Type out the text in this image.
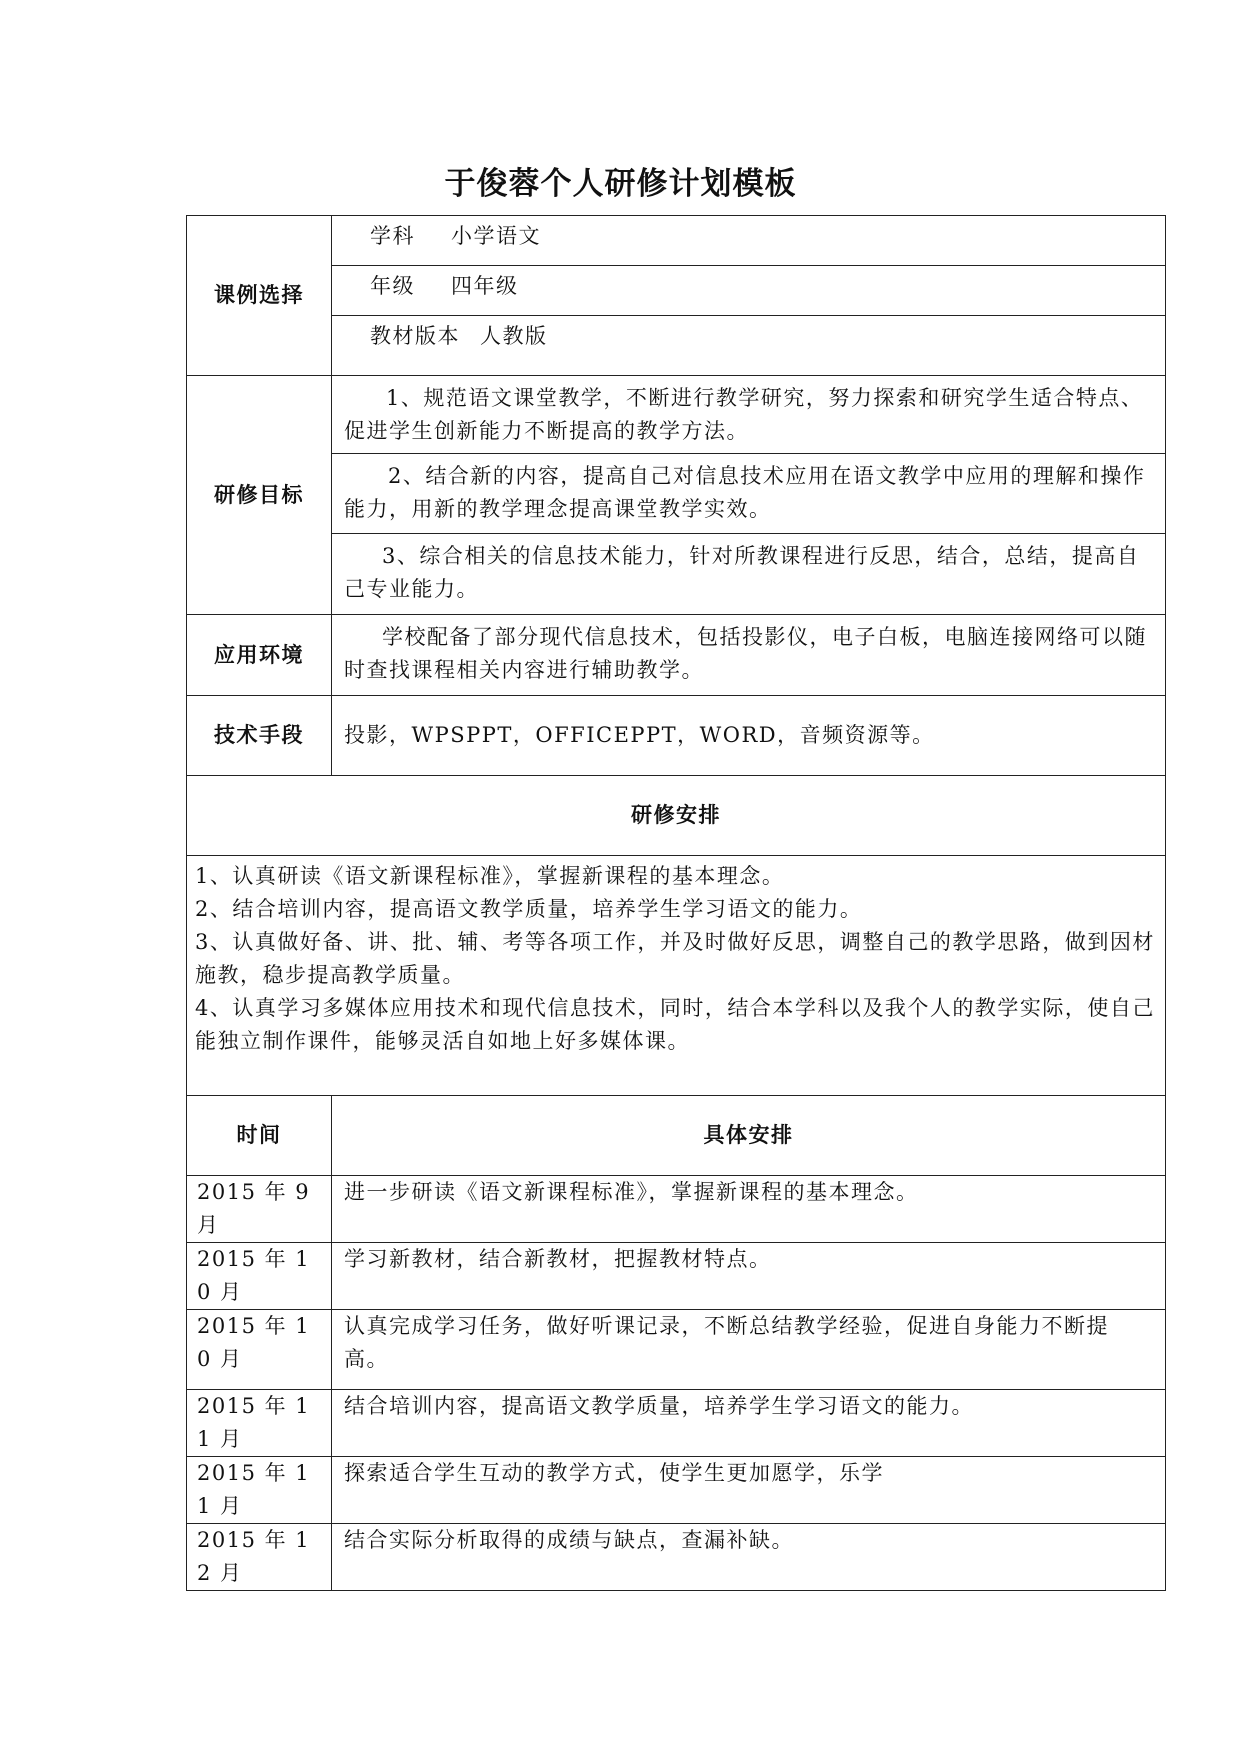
于俊蓉个人研修计划模板
课例选择	学科 小学语文

	年级 四年级

	教材版本 人教版

研修目标	1、规范语文课堂教学，不断进行教学研究，努力探索和研究学生适合特点、促进学生创新能力不断提高的教学方法。

	2、结合新的内容，提高自己对信息技术应用在语文教学中应用的理解和操作能力，用新的教学理念提高课堂教学实效。

	3、综合相关的信息技术能力，针对所教课程进行反思，结合，总结，提高自己专业能力。

应用环境	学校配备了部分现代信息技术，包括投影仪，电子白板，电脑连接网络可以随时查找课程相关内容进行辅助教学。

技术手段	投影，WPSPPT，OFFICEPPT，WORD，音频资源等。
研修安排	

1、认真研读《语文新课程标准》，掌握新课程的基本理念。
2、结合培训内容，提高语文教学质量，培养学生学习语文的能力。
3、认真做好备、讲、批、辅、考等各项工作，并及时做好反思，调整自己的教学思路，做到因材施教，稳步提高教学质量。
4、认真学习多媒体应用技术和现代信息技术，同时，结合本学科以及我个人的教学实际，使自己能独立制作课件，能够灵活自如地上好多媒体课。	

时间	具体安排
2015 年 9 月	进一步研读《语文新课程标准》，掌握新课程的基本理念。
2015 年 10 月	学习新教材，结合新教材，把握教材特点。
2015 年 10 月	认真完成学习任务，做好听课记录，不断总结教学经验，促进自身能力不断提高。
2015 年 11 月	结合培训内容，提高语文教学质量，培养学生学习语文的能力。
2015 年 11 月	探索适合学生互动的教学方式，使学生更加愿学，乐学
2015 年 12 月	结合实际分析取得的成绩与缺点，查漏补缺。
